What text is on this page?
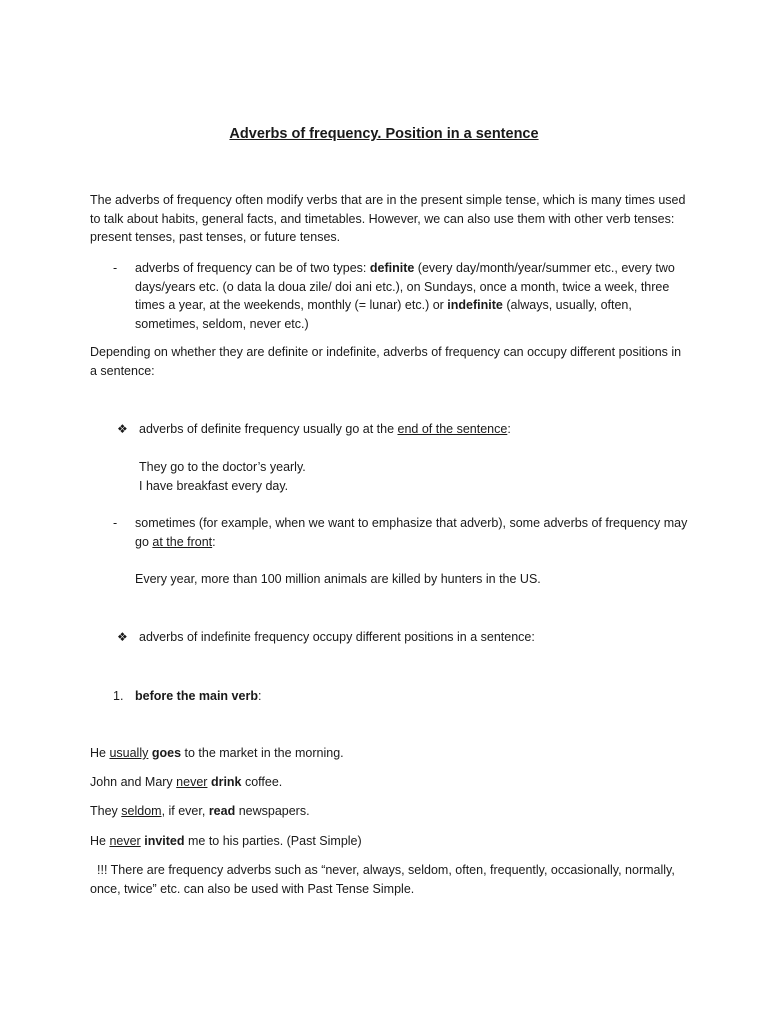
Adverbs of frequency. Position in a sentence
The adverbs of frequency often modify verbs that are in the present simple tense, which is many times used to talk about habits, general facts, and timetables. However, we can also use them with other verb tenses: present tenses, past tenses, or future tenses.
- adverbs of frequency can be of two types: definite (every day/month/year/summer etc., every two days/years etc. (o data la doua zile/ doi ani etc.), on Sundays, once a month, twice a week, three times a year, at the weekends, monthly (= lunar) etc.) or indefinite (always, usually, often, sometimes, seldom, never etc.)
Depending on whether they are definite or indefinite, adverbs of frequency can occupy different positions in a sentence:
❖ adverbs of definite frequency usually go at the end of the sentence:
They go to the doctor’s yearly.
I have breakfast every day.
- sometimes (for example, when we want to emphasize that adverb), some adverbs of frequency may go at the front:
Every year, more than 100 million animals are killed by hunters in the US.
❖ adverbs of indefinite frequency occupy different positions in a sentence:
1. before the main verb:
He usually goes to the market in the morning.
John and Mary never drink coffee.
They seldom, if ever, read newspapers.
He never invited me to his parties. (Past Simple)
!!! There are frequency adverbs such as “never, always, seldom, often, frequently, occasionally, normally, once, twice” etc. can also be used with Past Tense Simple.
